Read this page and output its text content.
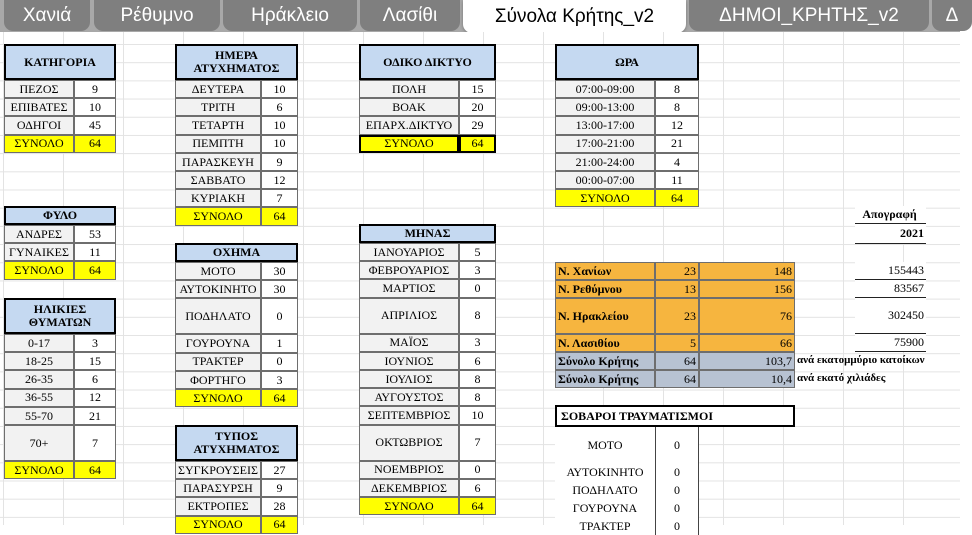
Χανιά	Ρέθυμνο	Ηράκλειο	Λασίθι	Σύνολα Κρήτης_v2	ΔΗΜΟΙ_ΚΡΗΤΗΣ_v2	Δ
ΚΑΤΗΓΟΡΙΑ
ΠΕΖΟΣ	9
ΕΠΙΒΑΤΕΣ	10
ΟΔΗΓΟΙ	45
ΣΥΝΟΛΟ	64
ΦΥΛΟ
ΑΝΔΡΕΣ	53
ΓΥΝΑΙΚΕΣ	11
ΣΥΝΟΛΟ	64
ΗΛΙΚΙΕΣ ΘΥΜΑΤΩΝ
0-17	3
18-25	15
26-35	6
36-55	12
55-70	21
70+	7
ΣΥΝΟΛΟ	64
ΗΜΕΡΑ ΑΤΥΧΗΜΑΤΟΣ
ΔΕΥΤΕΡΑ	10
ΤΡΙΤΗ	6
ΤΕΤΑΡΤΗ	10
ΠΕΜΠΤΗ	10
ΠΑΡΑΣΚΕΥΗ	9
ΣΑΒΒΑΤΟ	12
ΚΥΡΙΑΚΗ	7
ΣΥΝΟΛΟ	64
ΟΧΗΜΑ
ΜΟΤΟ	30
ΑΥΤΟΚΙΝΗΤΟ	30
ΠΟΔΗΛΑΤΟ	0
ΓΟΥΡΟΥΝΑ	1
ΤΡΑΚΤΕΡ	0
ΦΟΡΤΗΓΟ	3
ΣΥΝΟΛΟ	64
ΤΥΠΟΣ ΑΤΥΧΗΜΑΤΟΣ
ΣΥΓΚΡΟΥΣΕΙΣ	27
ΠΑΡΑΣΥΡΣΗ	9
ΕΚΤΡΟΠΕΣ	28
ΣΥΝΟΛΟ	64
ΟΔΙΚΟ ΔΙΚΤΥΟ
ΠΟΛΗ	15
ΒΟΑΚ	20
ΕΠΑΡΧ.ΔΙΚΤΥΟ	29
ΣΥΝΟΛΟ	64
ΜΗΝΑΣ
ΙΑΝΟΥΑΡΙΟΣ	5
ΦΕΒΡΟΥΑΡΙΟΣ	3
ΜΑΡΤΙΟΣ	0
ΑΠΡΙΛΙΟΣ	8
ΜΑΪΟΣ	3
ΙΟΥΝΙΟΣ	6
ΙΟΥΛΙΟΣ	8
ΑΥΓΟΥΣΤΟΣ	8
ΣΕΠΤΕΜΒΡΙΟΣ	10
ΟΚΤΩΒΡΙΟΣ	7
ΝΟΕΜΒΡΙΟΣ	0
ΔΕΚΕΜΒΡΙΟΣ	6
ΣΥΝΟΛΟ	64
ΩΡΑ
07:00-09:00	8
09:00-13:00	8
13:00-17:00	12
17:00-21:00	21
21:00-24:00	4
00:00-07:00	11
ΣΥΝΟΛΟ	64
Απογραφή
2021
Ν. Χανίων	23	148	155443
Ν. Ρεθύμνου	13	156	83567
Ν. Ηρακλείου	23	76	302450
Ν. Λασιθίου	5	66	75900
Σύνολο Κρήτης	64	103,7 ανά εκατομμύριο κατοίκων
Σύνολο Κρήτης	64	10,4 ανά εκατό χιλιάδες
ΣΟΒΑΡΟΙ ΤΡΑΥΜΑΤΙΣΜΟΙ
ΜΟΤΟ	0
ΑΥΤΟΚΙΝΗΤΟ	0
ΠΟΔΗΛΑΤΟ	0
ΓΟΥΡΟΥΝΑ	0
ΤΡΑΚΤΕΡ	0
